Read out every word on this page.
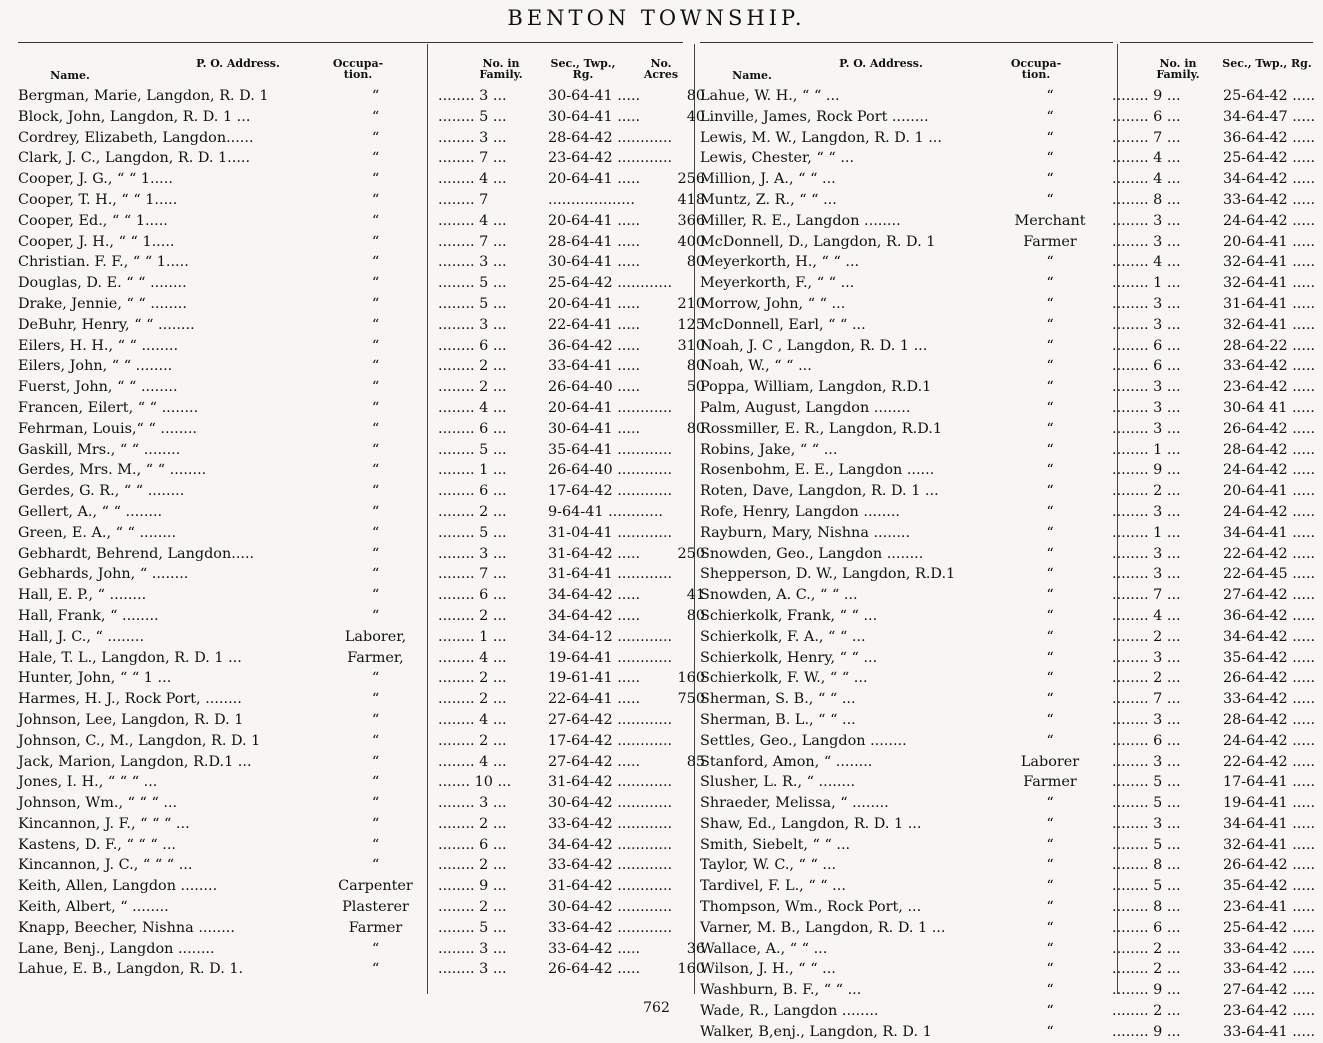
BENTON TOWNSHIP.
Name.
P. O. Address.	Occupa- tion.
No. in Family.
Sec., Twp., Rg.
No. Acres	Name.
P. O. Address.	Occupa- tion.
No. in Family.
Sec., Twp., Rg.
Bergman, Marie, Langdon, R. D. 1	“	........ 3 ...	30-64-41 .....	80
Block, John, Langdon, R. D. 1 ...	“	........ 5 ...	30-64-41 .....	40
Cordrey, Elizabeth, Langdon......	“	........ 3 ...	28-64-42 ............
Clark, J. C., Langdon, R. D. 1.....	“	........ 7 ...	23-64-42 ............
Cooper, J. G., “ “ 1.....	“	........ 4 ...	20-64-41 .....	256
Cooper, T. H., “ “ 1.....	“	........ 7	...................	418
Cooper, Ed., “ “ 1.....	“	........ 4 ...	20-64-41 .....	366
Cooper, J. H., “ “ 1.....	“	........ 7 ...	28-64-41 .....	400
Christian. F. F., “ “ 1.....	“	........ 3 ...	30-64-41 .....	80
Douglas, D. E. “ “ ........	“	........ 5 ...	25-64-42 ............
Drake, Jennie, “ “ ........	“	........ 5 ...	20-64-41 .....	210
DeBuhr, Henry, “ “ ........	“	........ 3 ...	22-64-41 .....	125
Eilers, H. H., “ “ ........	“	........ 6 ...	36-64-42 .....	310
Eilers, John, “ “ ........	“	........ 2 ...	33-64-41 .....	80
Fuerst, John, “ “ ........	“	........ 2 ...	26-64-40 .....	50
Francen, Eilert, “ “ ........	“	........ 4 ...	20-64-41 ............
Fehrman, Louis,“ “ ........	“	........ 6 ...	30-64-41 .....	80
Gaskill, Mrs., “ “ ........	“	........ 5 ...	35-64-41 ............
Gerdes, Mrs. M., “ “ ........	“	........ 1 ...	26-64-40 ............
Gerdes, G. R., “ “ ........	“	........ 6 ...	17-64-42 ............
Gellert, A., “ “ ........	“	........ 2 ...	9-64-41 ............
Green, E. A., “ “ ........	“	........ 5 ...	31-04-41 ............
Gebhardt, Behrend, Langdon.....	“	........ 3 ...	31-64-42 .....	250
Gebhards, John, “ ........	“	........ 7 ...	31-64-41 ............
Hall, E. P., “ ........	“	........ 6 ...	34-64-42 .....	41
Hall, Frank, “ ........	“	........ 2 ...	34-64-42 .....	80
Hall, J. C., “ ........	Laborer,	........ 1 ...	34-64-12 ............
Hale, T. L., Langdon, R. D. 1 ...	Farmer,	........ 4 ...	19-64-41 ............
Hunter, John, “ “ 1 ...	“	........ 2 ...	19-61-41 .....	160
Harmes, H. J., Rock Port, ........	“	........ 2 ...	22-64-41 .....	750
Johnson, Lee, Langdon, R. D. 1	“	........ 4 ...	27-64-42 ............
Johnson, C., M., Langdon, R. D. 1	“	........ 2 ...	17-64-42 ............
Jack, Marion, Langdon, R.D.1 ...	“	........ 4 ...	27-64-42 .....	85
Jones, I. H., “ “ “ ...	“	....... 10 ...	31-64-42 ............
Johnson, Wm., “ “ “ ...	“	........ 3 ...	30-64-42 ............
Kincannon, J. F., “ “ “ ...	“	........ 2 ...	33-64-42 ............
Kastens, D. F., “ “ “ ...	“	........ 6 ...	34-64-42 ............
Kincannon, J. C., “ “ “ ...	“	........ 2 ...	33-64-42 ............
Keith, Allen, Langdon ........	Carpenter	........ 9 ...	31-64-42 ............
Keith, Albert, “ ........	Plasterer	........ 2 ...	30-64-42 ............
Knapp, Beecher, Nishna ........	Farmer	........ 5 ...	33-64-42 ............
Lane, Benj., Langdon ........	“	........ 3 ...	33-64-42 .....	36
Lahue, E. B., Langdon, R. D. 1.	“	........ 3 ...	26-64-42 .....	160
Lahue, W. H., “ “ ...	“	........ 9 ...	25-64-42 .....
Linville, James, Rock Port ........	“	........ 6 ...	34-64-47 .....
Lewis, M. W., Langdon, R. D. 1 ...	“	........ 7 ...	36-64-42 .....
Lewis, Chester, “ “ ...	“	........ 4 ...	25-64-42 .....
Million, J. A., “ “ ...	“	........ 4 ...	34-64-42 .....
Muntz, Z. R., “ “ ...	“	........ 8 ...	33-64-42 .....
Miller, R. E., Langdon ........	Merchant	........ 3 ...	24-64-42 .....
McDonnell, D., Langdon, R. D. 1	Farmer	........ 3 ...	20-64-41 .....
Meyerkorth, H., “ “ ...	“	........ 4 ...	32-64-41 .....
Meyerkorth, F., “ “ ...	“	........ 1 ...	32-64-41 .....
Morrow, John, “ “ ...	“	........ 3 ...	31-64-41 .....
McDonnell, Earl, “ “ ...	“	........ 3 ...	32-64-41 .....
Noah, J. C , Langdon, R. D. 1 ...	“	........ 6 ...	28-64-22 .....
Noah, W., “ “ ...	“	........ 6 ...	33-64-42 .....
Poppa, William, Langdon, R.D.1	“	........ 3 ...	23-64-42 .....
Palm, August, Langdon ........	“	........ 3 ...	30-64 41 .....
Rossmiller, E. R., Langdon, R.D.1	“	........ 3 ...	26-64-42 .....
Robins, Jake, “ “ ...	“	........ 1 ...	28-64-42 .....
Rosenbohm, E. E., Langdon ......	“	........ 9 ...	24-64-42 .....
Roten, Dave, Langdon, R. D. 1 ...	“	........ 2 ...	20-64-41 .....
Rofe, Henry, Langdon ........	“	........ 3 ...	24-64-42 .....
Rayburn, Mary, Nishna ........	“	........ 1 ...	34-64-41 .....
Snowden, Geo., Langdon ........	“	........ 3 ...	22-64-42 .....
Shepperson, D. W., Langdon, R.D.1	“	........ 3 ...	22-64-45 .....
Snowden, A. C., “ “ ...	“	........ 7 ...	27-64-42 .....
Schierkolk, Frank, “ “ ...	“	........ 4 ...	36-64-42 .....
Schierkolk, F. A., “ “ ...	“	........ 2 ...	34-64-42 .....
Schierkolk, Henry, “ “ ...	“	........ 3 ...	35-64-42 .....
Schierkolk, F. W., “ “ ...	“	........ 2 ...	26-64-42 .....
Sherman, S. B., “ “ ...	“	........ 7 ...	33-64-42 .....
Sherman, B. L., “ “ ...	“	........ 3 ...	28-64-42 .....
Settles, Geo., Langdon ........	“	........ 6 ...	24-64-42 .....
Stanford, Amon, “ ........	Laborer	........ 3 ...	22-64-42 .....
Slusher, L. R., “ ........	Farmer	........ 5 ...	17-64-41 .....
Shraeder, Melissa, “ ........	“	........ 5 ...	19-64-41 .....
Shaw, Ed., Langdon, R. D. 1 ...	“	........ 3 ...	34-64-41 .....
Smith, Siebelt, “ “ ...	“	........ 5 ...	32-64-41 .....
Taylor, W. C., “ “ ...	“	........ 8 ...	26-64-42 .....
Tardivel, F. L., “ “ ...	“	........ 5 ...	35-64-42 .....
Thompson, Wm., Rock Port, ...	“	........ 8 ...	23-64-41 .....
Varner, M. B., Langdon, R. D. 1 ...	“	........ 6 ...	25-64-42 .....
Wallace, A., “ “ ...	“	........ 2 ...	33-64-42 .....
Wilson, J. H., “ “ ...	“	........ 2 ...	33-64-42 .....
Washburn, B. F., “ “ ...	“	........ 9 ...	27-64-42 .....
Wade, R., Langdon ........	“	........ 2 ...	23-64-42 .....
Walker, B,enj., Langdon, R. D. 1	“	........ 9 ...	33-64-41 .....
762
